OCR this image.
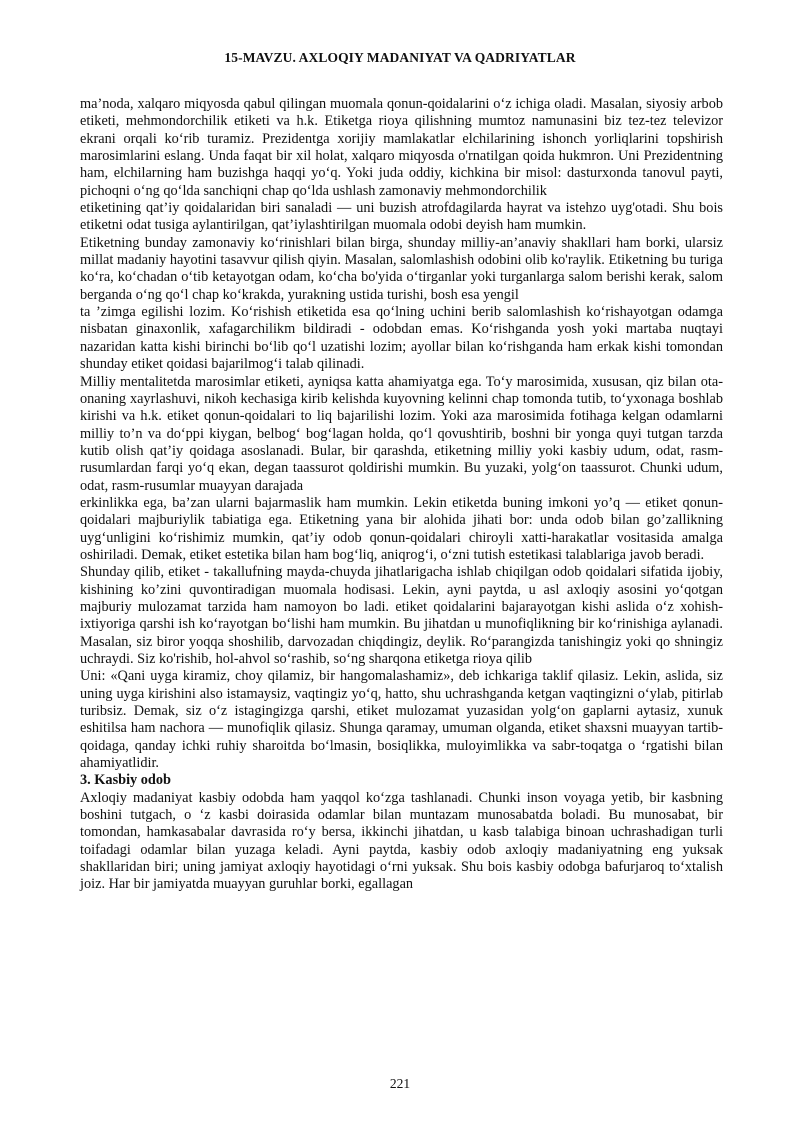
15-MAVZU. AXLOQIY MADANIYAT VA QADRIYATLAR

ma’noda, xalqaro miqyosda qabul qilingan muomala qonun-qoidalarini o‘z ichiga oladi. Masalan, siyosiy arbob etiketi, mehmondorchilik etiketi va h.k. Etiketga rioya qilishning mumtoz namunasini biz tez-tez televizor ekrani orqali ko‘rib turamiz. Prezidentga xorijiy mamlakatlar elchilarining ishonch yorliqlarini topshirish marosimlarini eslang. Unda faqat bir xil holat, xalqaro miqyosda o'rnatilgan qoida hukmron. Uni Prezidentning ham, elchilarning ham buzishga haqqi yo‘q. Yoki juda oddiy, kichkina bir misol: dasturxonda tanovul payti, pichoqni o‘ng qo‘lda sanchiqni chap qo‘lda ushlash zamonaviy mehmondorchilik

etiketining qat’iy qoidalaridan biri sanaladi — uni buzish atrofdagilarda hayrat va istehzo uyg'otadi. Shu bois etiketni odat tusiga aylantirilgan, qat’iylashtirilgan muomala odobi deyish ham mumkin.

Etiketning bunday zamonaviy ko‘rinishlari bilan birga, shunday milliy-an’anaviy shakllari ham borki, ularsiz millat madaniy hayotini tasavvur qilish qiyin. Masalan, salomlashish odobini olib ko'raylik. Etiketning bu turiga ko‘ra, ko‘chadan o‘tib ketayotgan odam, ko‘cha bo'yida o‘tirganlar yoki turganlarga salom berishi kerak, salom berganda o‘ng qo‘l chap ko‘krakda, yurakning ustida turishi, bosh esa yengil

ta ’zimga egilishi lozim. Ko‘rishish etiketida esa qo‘lning uchini berib salomlashish ko‘rishayotgan odamga nisbatan ginaxonlik, xafagarchilikm bildiradi - odobdan emas. Ko‘rishganda yosh yoki martaba nuqtayi nazaridan katta kishi birinchi bo‘lib qo‘l uzatishi lozim; ayollar bilan ko‘rishganda ham erkak kishi tomondan shunday etiket qoidasi bajarilmog‘i talab qilinadi.

Milliy mentalitetda marosimlar etiketi, ayniqsa katta ahamiyatga ega. To‘y marosimida, xususan, qiz bilan ota-onaning xayrlashuvi, nikoh kechasiga kirib kelishda kuyovning kelinni chap tomonda tutib, to‘yxonaga boshlab kirishi va h.k. etiket qonun-qoidalari to liq bajarilishi lozim. Yoki aza marosimida fotihaga kelgan odamlarni milliy to’n va do‘ppi kiygan, belbog‘ bog‘lagan holda, qo‘l qovushtirib, boshni bir yonga quyi tutgan tarzda kutib olish qat’iy qoidaga asoslanadi. Bular, bir qarashda, etiketning milliy yoki kasbiy udum, odat, rasm-rusumlardan farqi yo‘q ekan, degan taassurot qoldirishi mumkin. Bu yuzaki, yolg‘on taassurot. Chunki udum, odat, rasm-rusumlar muayyan darajada

erkinlikka ega, ba’zan ularni bajarmaslik ham mumkin. Lekin etiketda buning imkoni yo’q — etiket qonun-qoidalari majburiylik tabiatiga ega. Etiketning yana bir alohida jihati bor: unda odob bilan go’zallikning uyg‘unligini ko‘rishimiz mumkin, qat’iy odob qonun-qoidalari chiroyli xatti-harakatlar vositasida amalga oshiriladi. Demak, etiket estetika bilan ham bog‘liq, aniqrog‘i, o‘zni tutish estetikasi talablariga javob beradi.

Shunday qilib, etiket - takallufning mayda-chuyda jihatlarigacha ishlab chiqilgan odob qoidalari sifatida ijobiy, kishining ko’zini quvontiradigan muomala hodisasi. Lekin, ayni paytda, u asl axloqiy asosini yo‘qotgan majburiy mulozamat tarzida ham namoyon bo ladi. etiket qoidalarini bajarayotgan kishi aslida o‘z xohish-ixtiyoriga qarshi ish ko‘rayotgan bo‘lishi ham mumkin. Bu jihatdan u munofiqlikning bir ko‘rinishiga aylanadi. Masalan, siz biror yoqqa shoshilib, darvozadan chiqdingiz, deylik. Ro‘parangizda tanishingiz yoki qo shningiz uchraydi. Siz ko'rishib, hol-ahvol so‘rashib, so‘ng sharqona etiketga rioya qilib

Uni: «Qani uyga kiramiz, choy qilamiz, bir hangomalashamiz», deb ichkariga taklif qilasiz. Lekin, aslida, siz uning uyga kirishini also istamaysiz, vaqtingiz yo‘q, hatto, shu uchrashganda ketgan vaqtingizni o‘ylab, pitirlab turibsiz. Demak, siz o‘z istagingizga qarshi, etiket mulozamat yuzasidan yolg‘on gaplarni aytasiz, xunuk eshitilsa ham nachora — munofiqlik qilasiz. Shunga qaramay, umuman olganda, etiket shaxsni muayyan tartib-qoidaga, qanday ichki ruhiy sharoitda bo‘lmasin, bosiqlikka, muloyimlikka va sabr-toqatga o ‘rgatishi bilan ahamiyatlidir.

3. Kasbiy odob

Axloqiy madaniyat kasbiy odobda ham yaqqol ko‘zga tashlanadi. Chunki inson voyaga yetib, bir kasbning boshini tutgach, o ‘z kasbi doirasida odamlar bilan muntazam munosabatda boladi. Bu munosabat, bir tomondan, hamkasabalar davrasida ro‘y bersa, ikkinchi jihatdan, u kasb talabiga binoan uchrashadigan turli toifadagi odamlar bilan yuzaga keladi. Ayni paytda, kasbiy odob axloqiy madaniyatning eng yuksak shakllaridan biri; uning jamiyat axloqiy hayotidagi o‘rni yuksak. Shu bois kasbiy odobga bafurjaroq to‘xtalish joiz. Har bir jamiyatda muayyan guruhlar borki, egallagan

221
